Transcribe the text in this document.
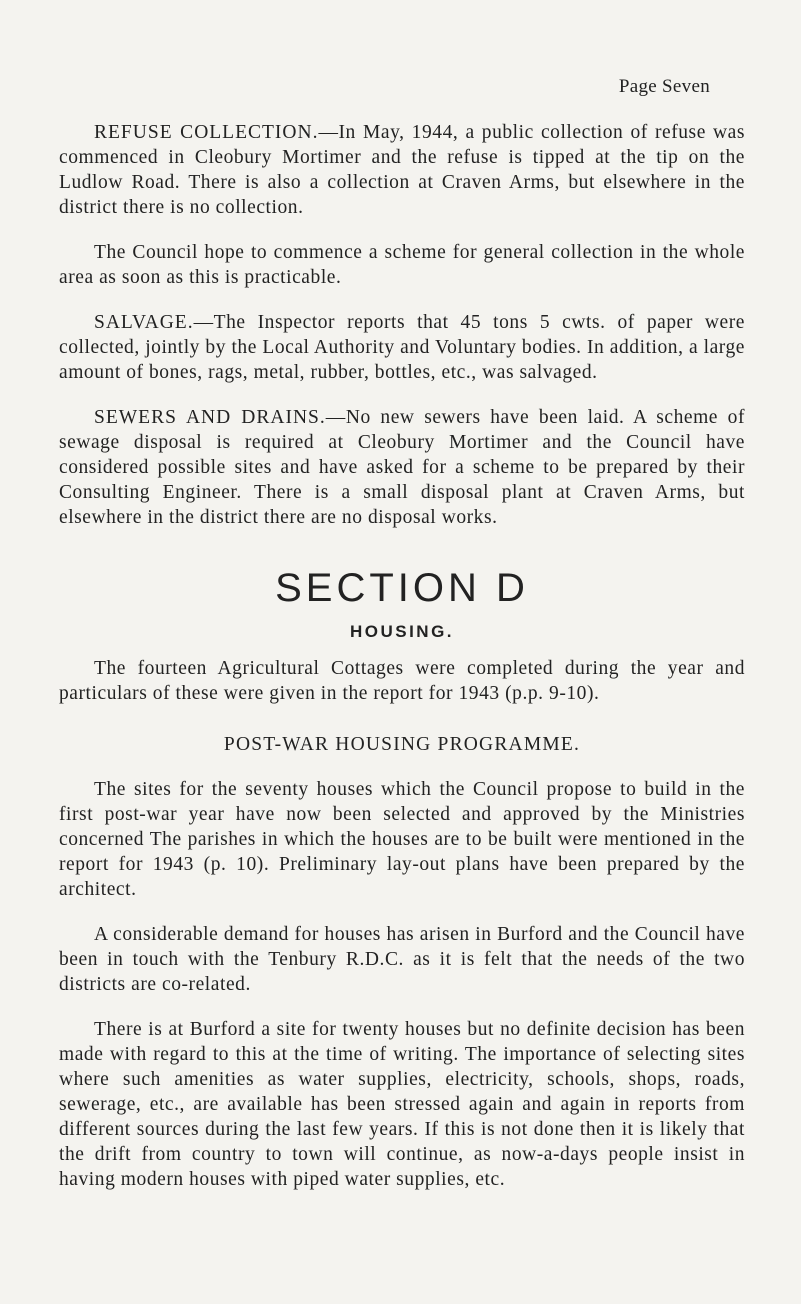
Page Seven

REFUSE COLLECTION.—In May, 1944, a public collection of refuse was commenced in Cleobury Mortimer and the refuse is tipped at the tip on the Ludlow Road. There is also a collection at Craven Arms, but elsewhere in the district there is no collection.

The Council hope to commence a scheme for general collection in the whole area as soon as this is practicable.

SALVAGE.—The Inspector reports that 45 tons 5 cwts. of paper were collected, jointly by the Local Authority and Voluntary bodies. In addition, a large amount of bones, rags, metal, rubber, bottles, etc., was salvaged.

SEWERS AND DRAINS.—No new sewers have been laid. A scheme of sewage disposal is required at Cleobury Mortimer and the Council have considered possible sites and have asked for a scheme to be prepared by their Consulting Engineer. There is a small disposal plant at Craven Arms, but elsewhere in the district there are no disposal works.

SECTION D
HOUSING.

The fourteen Agricultural Cottages were completed during the year and particulars of these were given in the report for 1943 (p.p. 9-10).

POST-WAR HOUSING PROGRAMME.

The sites for the seventy houses which the Council propose to build in the first post-war year have now been selected and approved by the Ministries concerned The parishes in which the houses are to be built were mentioned in the report for 1943 (p. 10). Preliminary lay-out plans have been prepared by the architect.

A considerable demand for houses has arisen in Burford and the Council have been in touch with the Tenbury R.D.C. as it is felt that the needs of the two districts are co-related.

There is at Burford a site for twenty houses but no definite decision has been made with regard to this at the time of writing. The importance of selecting sites where such amenities as water supplies, electricity, schools, shops, roads, sewerage, etc., are available has been stressed again and again in reports from different sources during the last few years. If this is not done then it is likely that the drift from country to town will continue, as now-a-days people insist in having modern houses with piped water supplies, etc.
